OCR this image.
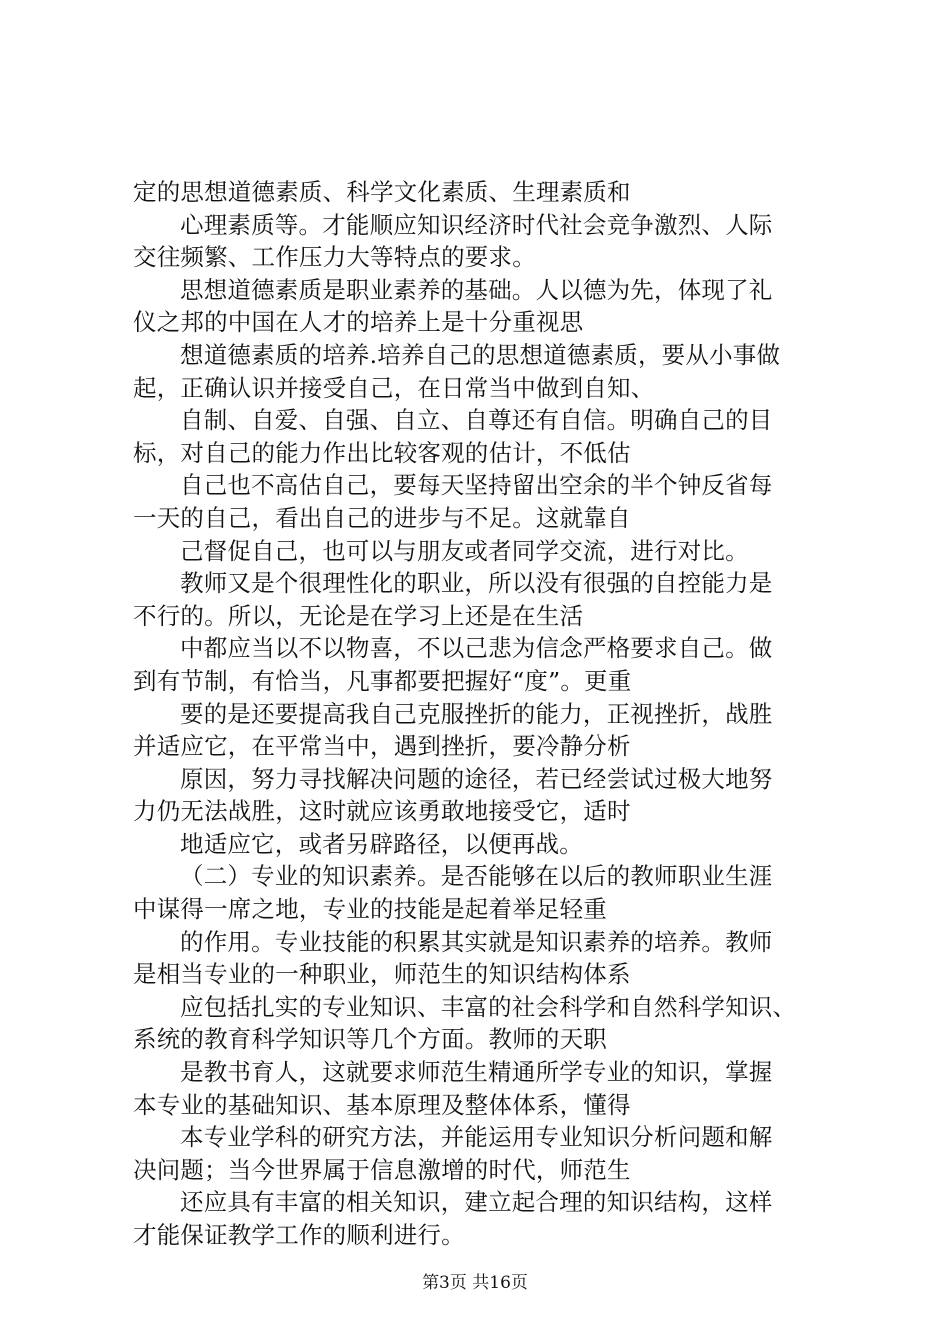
定的思想道德素质、科学文化素质、生理素质和
心理素质等。才能顺应知识经济时代社会竞争激烈、人际
交往频繁、工作压力大等特点的要求。
思想道德素质是职业素养的基础。人以德为先，体现了礼
仪之邦的中国在人才的培养上是十分重视思
想道德素质的培养.培养自己的思想道德素质，要从小事做
起，正确认识并接受自己，在日常当中做到自知、
自制、自爱、自强、自立、自尊还有自信。明确自己的目
标，对自己的能力作出比较客观的估计，不低估
自己也不高估自己，要每天坚持留出空余的半个钟反省每
一天的自己，看出自己的进步与不足。这就靠自
己督促自己，也可以与朋友或者同学交流，进行对比。
教师又是个很理性化的职业，所以没有很强的自控能力是
不行的。所以，无论是在学习上还是在生活
中都应当以不以物喜，不以己悲为信念严格要求自己。做
到有节制，有恰当，凡事都要把握好“度”。更重
要的是还要提高我自己克服挫折的能力，正视挫折，战胜
并适应它，在平常当中，遇到挫折，要冷静分析
原因，努力寻找解决问题的途径，若已经尝试过极大地努
力仍无法战胜，这时就应该勇敢地接受它，适时
地适应它，或者另辟路径，以便再战。
（二）专业的知识素养。是否能够在以后的教师职业生涯
中谋得一席之地，专业的技能是起着举足轻重
的作用。专业技能的积累其实就是知识素养的培养。教师
是相当专业的一种职业，师范生的知识结构体系
应包括扎实的专业知识、丰富的社会科学和自然科学知识、
系统的教育科学知识等几个方面。教师的天职
是教书育人，这就要求师范生精通所学专业的知识，掌握
本专业的基础知识、基本原理及整体体系，懂得
本专业学科的研究方法，并能运用专业知识分析问题和解
决问题；当今世界属于信息激增的时代，师范生
还应具有丰富的相关知识，建立起合理的知识结构，这样
才能保证教学工作的顺利进行。
第3页 共16页
